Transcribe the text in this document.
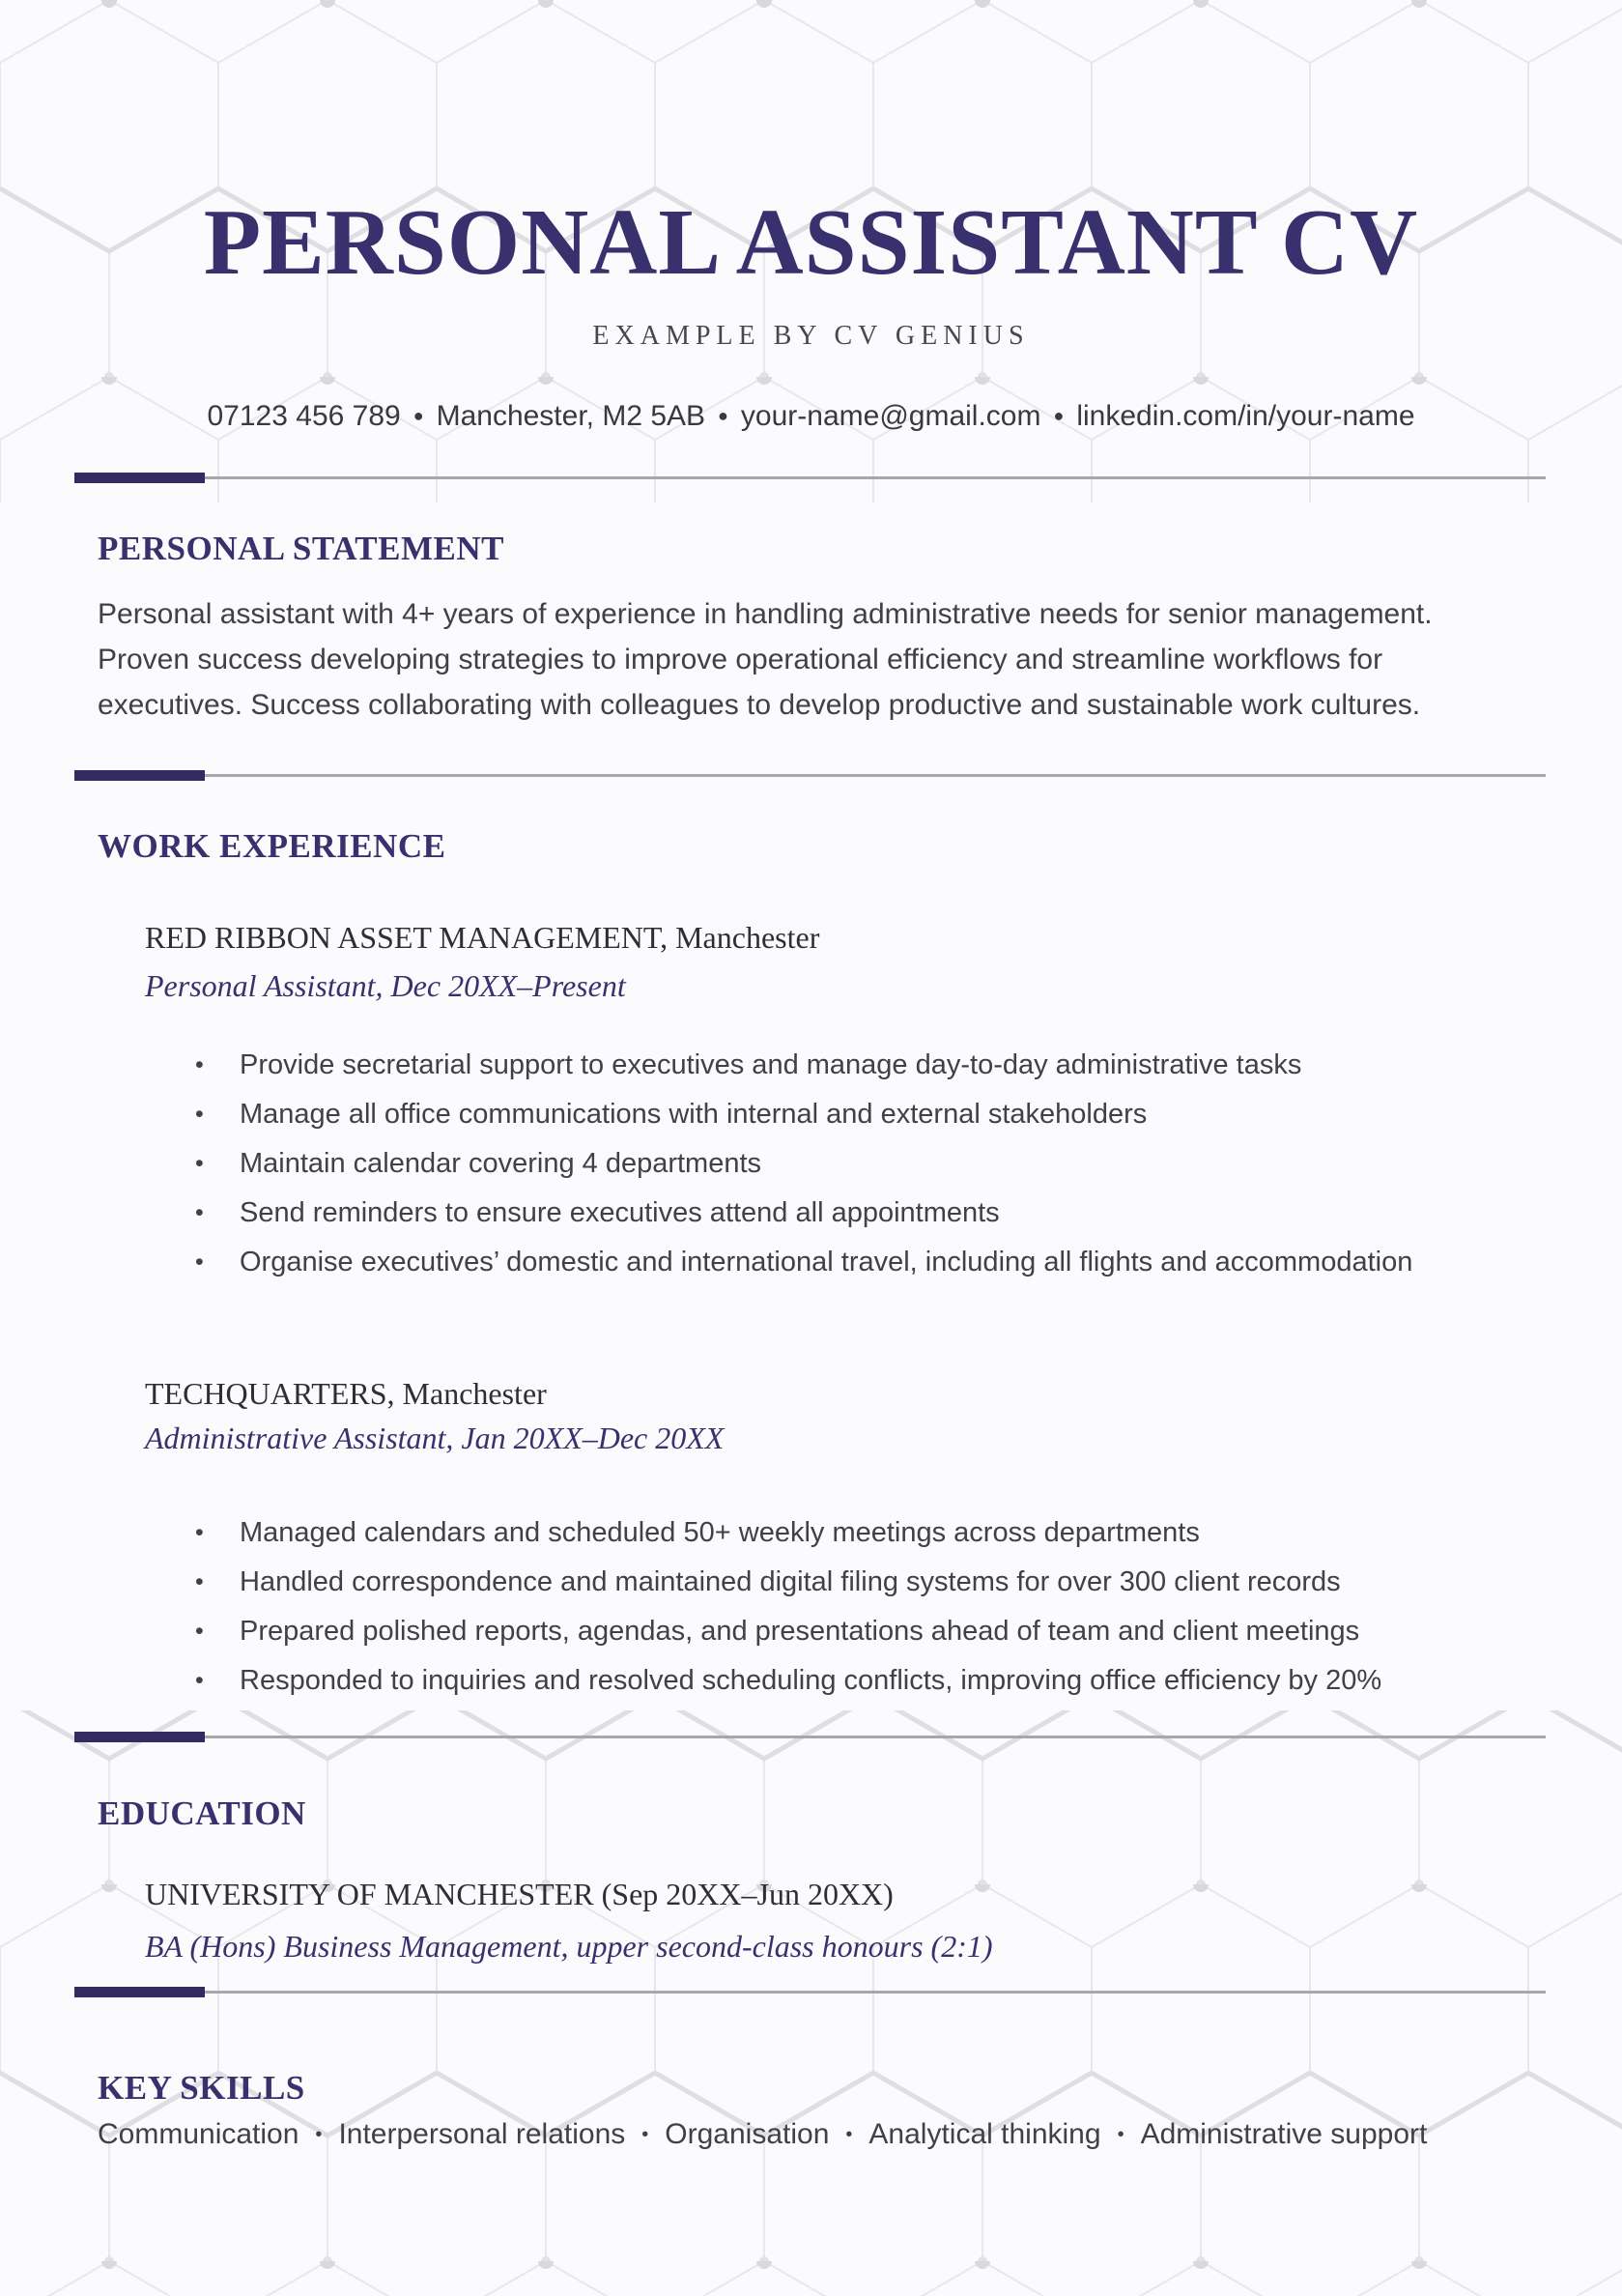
PERSONAL ASSISTANT CV
EXAMPLE BY CV GENIUS
07123 456 789 ● Manchester, M2 5AB ● your-name@gmail.com ● linkedin.com/in/your-name
PERSONAL STATEMENT

Personal assistant with 4+ years of experience in handling administrative needs for senior management. Proven success developing strategies to improve operational efficiency and streamline workflows for executives. Success collaborating with colleagues to develop productive and sustainable work cultures.

WORK EXPERIENCE
RED RIBBON ASSET MANAGEMENT, Manchester
Personal Assistant, Dec 20XX–Present
•	Provide secretarial support to executives and manage day-to-day administrative tasks
•	Manage all office communications with internal and external stakeholders
•	Maintain calendar covering 4 departments
•	Send reminders to ensure executives attend all appointments
•	Organise executives’ domestic and international travel, including all flights and accommodation
TECHQUARTERS, Manchester
Administrative Assistant, Jan 20XX–Dec 20XX
•	Managed calendars and scheduled 50+ weekly meetings across departments
•	Handled correspondence and maintained digital filing systems for over 300 client records
•	Prepared polished reports, agendas, and presentations ahead of team and client meetings
•	Responded to inquiries and resolved scheduling conflicts, improving office efficiency by 20%
EDUCATION
UNIVERSITY OF MANCHESTER (Sep 20XX–Jun 20XX)
BA (Hons) Business Management, upper second-class honours (2:1)
KEY SKILLS
Communication • Interpersonal relations • Organisation • Analytical thinking • Administrative support
